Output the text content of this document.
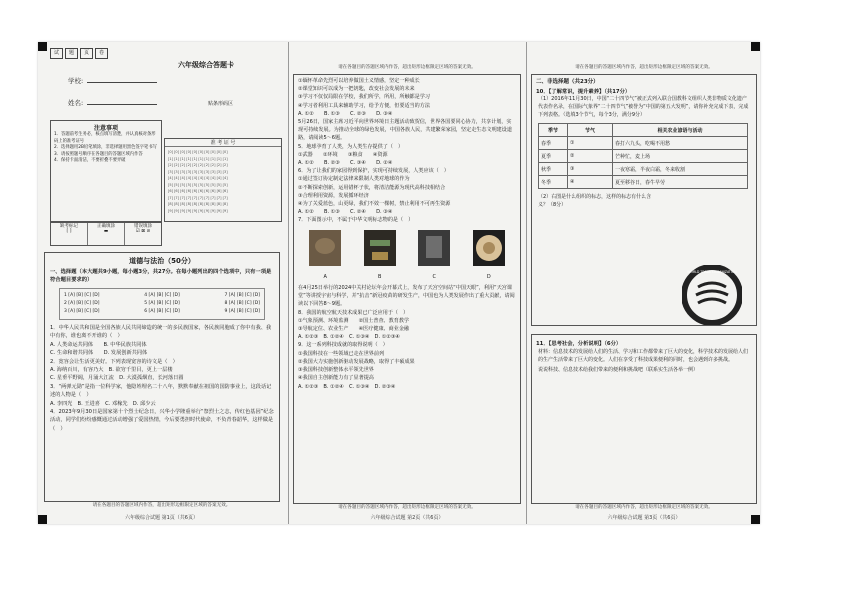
试	题	页	卷
六年级综合答题卡
学校:
姓名:	贴条形码区
注意事项
1．答题前考生务必，核点填写清楚，并认真核对条形码上的准考证号
2．选择题用2B铅笔填涂，非选择题用黑色签字笔书写
3．请按照题号顺序在各题目的答题区域内作答
4．保持卡面清洁，不要折叠不要弄破
准 考 证 号
[0] [0] [0] [0] [0] [0] [0] [0] [0] [0]
[1] [1] [1] [1] [1] [1] [1] [1] [1] [1]
[2] [2] [2] [2] [2] [2] [2] [2] [2] [2]
[3] [3] [3] [3] [3] [3] [3] [3] [3] [3]
[4] [4] [4] [4] [4] [4] [4] [4] [4] [4]
[5] [5] [5] [5] [5] [5] [5] [5] [5] [5]
[6] [6] [6] [6] [6] [6] [6] [6] [6] [6]
[7] [7] [7] [7] [7] [7] [7] [7] [7] [7]
[8] [8] [8] [8] [8] [8] [8] [8] [8] [8]
[9] [9] [9] [9] [9] [9] [9] [9] [9] [9]
缺考标记
[ ]
正确填涂
▬
错误填涂
☑ ⊠ ⊘
道德与法治（50分）
一、选择题（本大题共9小题，每小题3分，共27分。在每小题列出的四个选项中，只有一项是符合题目要求的）
1 [A] [B] [C] [D]	4 [A] [B] [C] [D]	7 [A] [B] [C] [D]
2 [A] [B] [C] [D]	5 [A] [B] [C] [D]	8 [A] [B] [C] [D]
3 [A] [B] [C] [D]	6 [A] [B] [C] [D]	9 [A] [B] [C] [D]
1．中华人民共和国是全国各族人民共同缔造的统一的多民族国家，各民族同胞成了你中有我、我中有你，谁也离不开谁的（　）
A. 人类命运共同体　　B. 中华民族共同体
C. 生命和谐共同体　　D. 发展创新共同体
2．宽容会让生活更美好。下列表现宽容的诗文是（　）
A. 海纳百川，有容乃大　B. 欲穷千里目，更上一层楼
C. 星垂平野阔，月涌大江流　D. 大漠孤烟直，长河落日圆
3．“两弹元勋”是指一位科学家，他隐姓埋名二十八年，默默奉献在祖国的国防事业上，这段话记述的人物是（　）
A. 李四光　B. 王进喜　C. 邓稼先　D. 邱少云
4．2023年9月30日是国家第十个烈士纪念日，兴华小学隆重举行“祭烈士之志，传红色基因”纪念活动，同学们纷纷感慨通过活动增强了爱国热情，今后要勇担时代使命，不负青春韶华，这样做是（　）
请在各题目的答题区域内作答，超出矩形边框限定区域的答案无效。
六年级综合试题 第1页（共6页）
请在各题目的答题区域内作答，超出矩形边框限定区域的答案无效。
①缅怀革命先烈可以培养做国土义情感，坚定一种成长
②课堂知识可以成为一把钥匙，改变社会发展的未来
③学习不仅仅局限在学校，我们所学，所用，所触都是学习
④学习者利用工具来辅助学习，给予方便，但要适当的方法
A. ①②　　B. ①③　　C. ②③　　D. ③④
5月26日，国家主席习近平向世界环境日主题活动致贺信，世界各国要同心协力，共享计划，实现可持续发展。为推动全球的绿色发展，中国各族人民，共建繁荣家园，坚定走生态文明建设道路，请阅读5～6题。
5．地球孕育了人类，为人类生存提供了（　）
①武器　　②环境　　③粮食　　④资源
A. ①②　　B. ②③　　C. ③④　　D. ②④
6．为了让我们的家园得到保护，实现可持续发展，人类应该（　）
①通过签订协定制定法律来限制人类对地球的作为
②不断探索创新，运用错杯子状，将清洁能源为现代高科技相结合
③合理利用资源，发展循环经济
④为了关爱蓝色，山更绿，我们不效一棵树，禁止利用不可再生资源
A. ①②　　B. ①③　　C. ②④　　D. ③④
7．下面图示中，不属于中华文明标志物的是（　）
A	B	C	D
在4月25日举行的2024中关村论坛年会开幕式上，发布了天宫空间站“中国天眼”，利用“天宫课堂”等讲授宇宙与科学，并“抗击”新冠疫苗的研发生产，中国也为人类发展作出了重大贡献，请阅读以下回答8～9题。
8．我国的航空航天技术成果已广泛应用于（　）
①气象预测、环境监测　　②国土普查、教育教学
③导航定位、农业生产　　④医疗健康、商业金融
A. ①②③　B. ①②④　C. ①③④　D. ①②③④
9．这一系列科技成就的取得说明（　）
①我国科技在一些领域已走在世界前列
②我国大力实施创新驱动发展战略，取得了丰硕成果
③我国科技创新整体水平领先世界
④我国自主创新能力有了显著提高
A. ①②③　B. ①②④　C. ①③④　D. ②③④
请在各题目的答题区域内作答，超出矩形边框限定区域的答案无效。
六年级综合试题 第2页（共6页）
请在各题目的答题区域内作答，超出矩形边框限定区域的答案无效。
二、非选择题（共23分）
10．【了解常识，提升素养】（共17分）
（1）2016年11月30日，中国“二十四节气”被正式列入联合国教科文组织人类非物质文化遗产代表作名录，在国际气象界“二十四节气”被誉为“中国的第五大发明”，请你补充完成下表，完成下列表格。（选填3个节气，每个3分，满分9分）
季节	节气	相关农业谚语与活动
春季	①	春打六九头，吃喝不用愁
夏季	②	芒种忙，麦上场
秋季	③	一夜寒霜，半夜白霜，冬来收割
冬季	④	夏至移谷日，春牛早劳
（2）右图是什么组织的标志，这样的标志有什么含义？（8分）
WORLD TRADE ORGANIZATION
11．【思考社会，分析说明】（6分）
材料：信息技术的发展给人们的生活、学习和工作都带来了巨大的变化，科学技术的发展给人们的生产生活带来了巨大的变化。人们在享受了科技成果便利的同时，也会遇到许多挑战。
说说科技、信息技术给我们带来的便利和挑战吧（联系实生活各举一例）
请在各题目的答题区域内作答，超出矩形边框限定区域的答案无效。
六年级综合试题 第3页（共6页）
